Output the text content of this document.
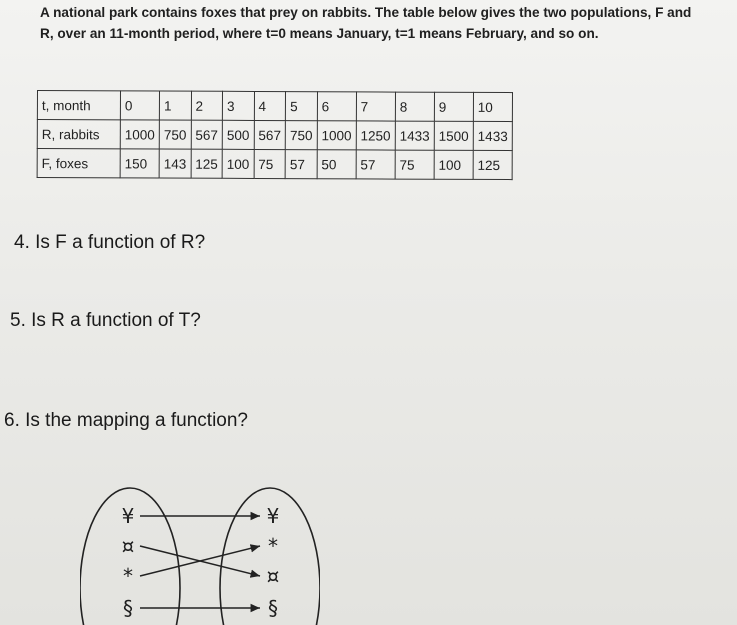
A national park contains foxes that prey on rabbits. The table below gives the two populations, F and

R, over an 11-month period, where t=0 means January, t=1 means February, and so on.

t, month	0	1	2	3	4	5	6	7	8	9	10
R, rabbits	1000	750	567	500	567	750	1000	1250	1433	1500	1433
F, foxes	150	143	125	100	75	57	50	57	75	100	125
4. Is F a function of R?
5. Is R a function of T?
6. Is the mapping a function?
¥
¤
*
§
¥
*
¤
§
